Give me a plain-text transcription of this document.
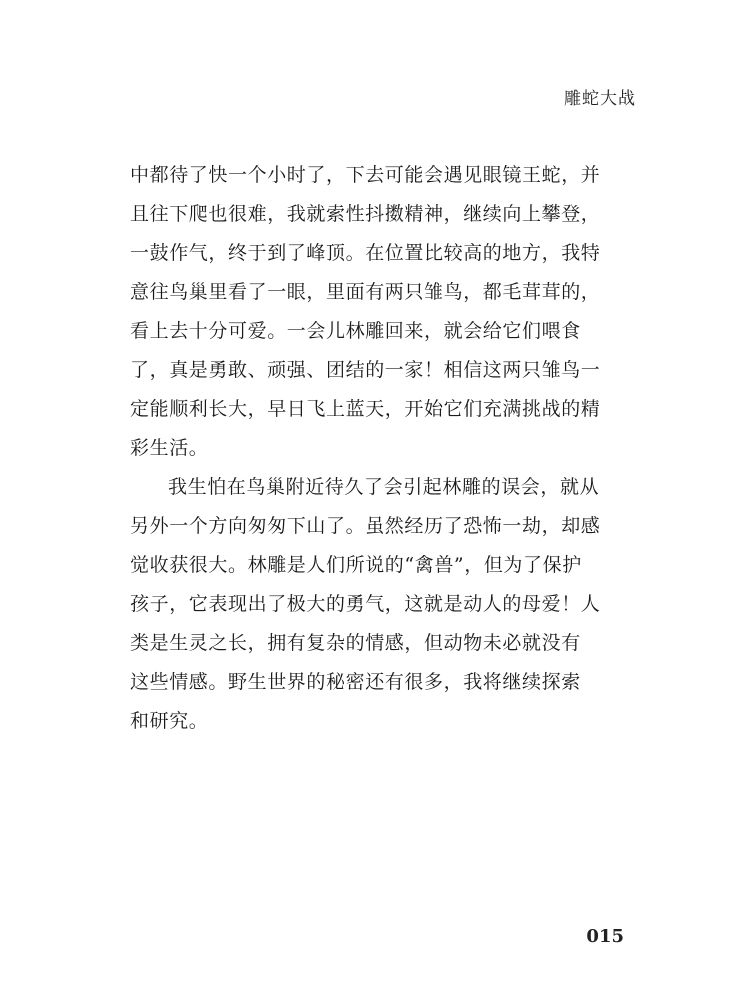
雕蛇大战
中都待了快一个小时了，下去可能会遇见眼镜王蛇，并
且往下爬也很难，我就索性抖擞精神，继续向上攀登，
一鼓作气，终于到了峰顶。在位置比较高的地方，我特
意往鸟巢里看了一眼，里面有两只雏鸟，都毛茸茸的，
看上去十分可爱。一会儿林雕回来，就会给它们喂食
了，真是勇敢、顽强、团结的一家！相信这两只雏鸟一
定能顺利长大，早日飞上蓝天，开始它们充满挑战的精
彩生活。
我生怕在鸟巢附近待久了会引起林雕的误会，就从
另外一个方向匆匆下山了。虽然经历了恐怖一劫，却感
觉收获很大。林雕是人们所说的“禽兽”，但为了保护
孩子，它表现出了极大的勇气，这就是动人的母爱！人
类是生灵之长，拥有复杂的情感，但动物未必就没有
这些情感。野生世界的秘密还有很多，我将继续探索
和研究。
015
